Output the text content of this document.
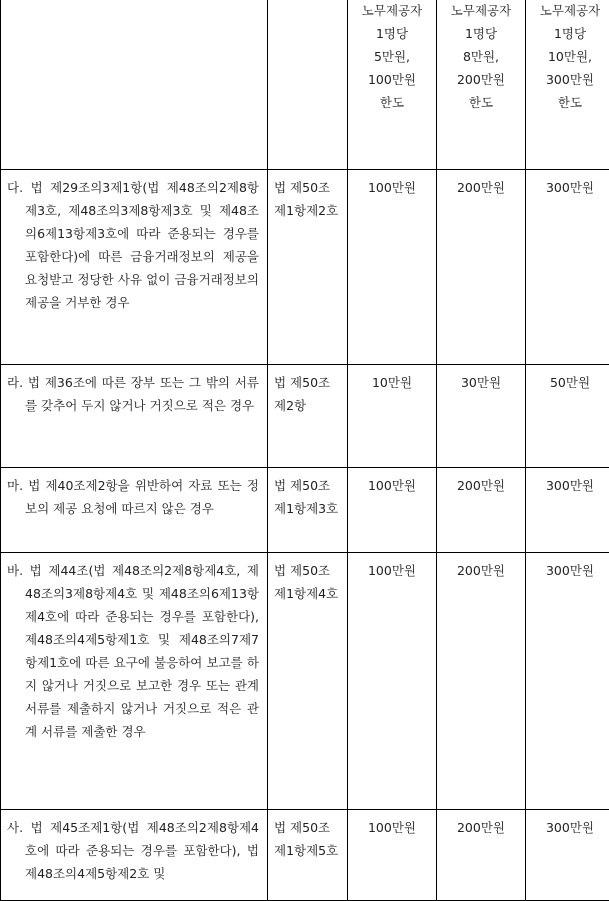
		노무제공자
1명당
5만원,
100만원
한도	노무제공자
1명당
8만원,
200만원
한도	노무제공자
1명당
10만원,
300만원
한도

다. 법 제29조의3제1항(법 제48조의2제8항제3호, 제48조의3제8항제3호 및 제48조의6제13항제3호에 따라 준용되는 경우를 포함한다)에 따른 금융거래정보의 제공을 요청받고 정당한 사유 없이 금융거래정보의 제공을 거부한 경우	법 제50조 제1항제2호	100만원	200만원	300만원

라. 법 제36조에 따른 장부 또는 그 밖의 서류를 갖추어 두지 않거나 거짓으로 적은 경우	법 제50조 제2항	10만원	30만원	50만원

마. 법 제40조제2항을 위반하여 자료 또는 정보의 제공 요청에 따르지 않은 경우	법 제50조 제1항제3호	100만원	200만원	300만원

바. 법 제44조(법 제48조의2제8항제4호, 제48조의3제8항제4호 및 제48조의6제13항제4호에 따라 준용되는 경우를 포함한다), 제48조의4제5항제1호 및 제48조의7제7항제1호에 따른 요구에 불응하여 보고를 하지 않거나 거짓으로 보고한 경우 또는 관계 서류를 제출하지 않거나 거짓으로 적은 관계 서류를 제출한 경우	법 제50조 제1항제4호	100만원	200만원	300만원

사. 법 제45조제1항(법 제48조의2제8항제4호에 따라 준용되는 경우를 포함한다), 법 제48조의4제5항제2호 및	법 제50조 제1항제5호	100만원	200만원	300만원
